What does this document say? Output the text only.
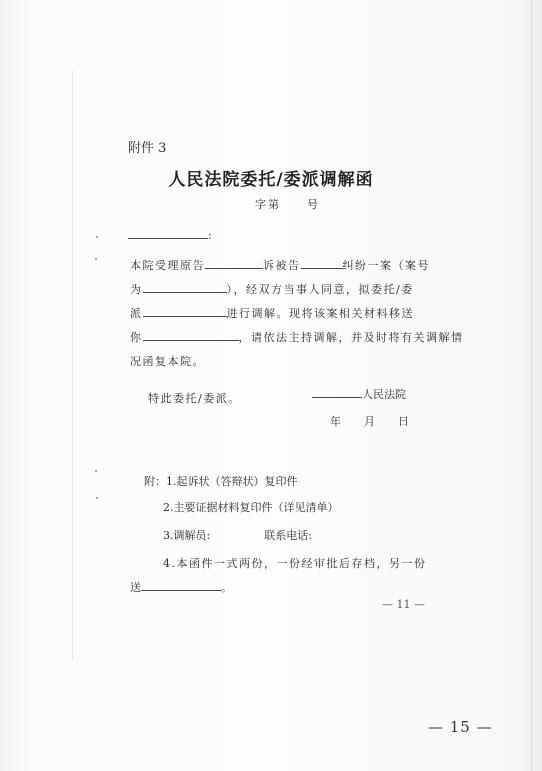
附件 3
人民法院委托/委派调解函
字第 号
:
本院受理原告	诉被告	纠纷一案（案号
为	），经双方当事人同意，拟委托/委
派	进行调解。现将该案相关材料移送
你	，请依法主持调解，并及时将有关调解情
况函复本院。
特此委托/委派。	人民法院
年 月 日
附：1.起诉状（答辩状）复印件
2.主要证据材料复印件（详见清单）
3.调解员:	联系电话:
4.本函件一式两份，一份经审批后存档，另一份
送	。
— 11 —
— 15 —
